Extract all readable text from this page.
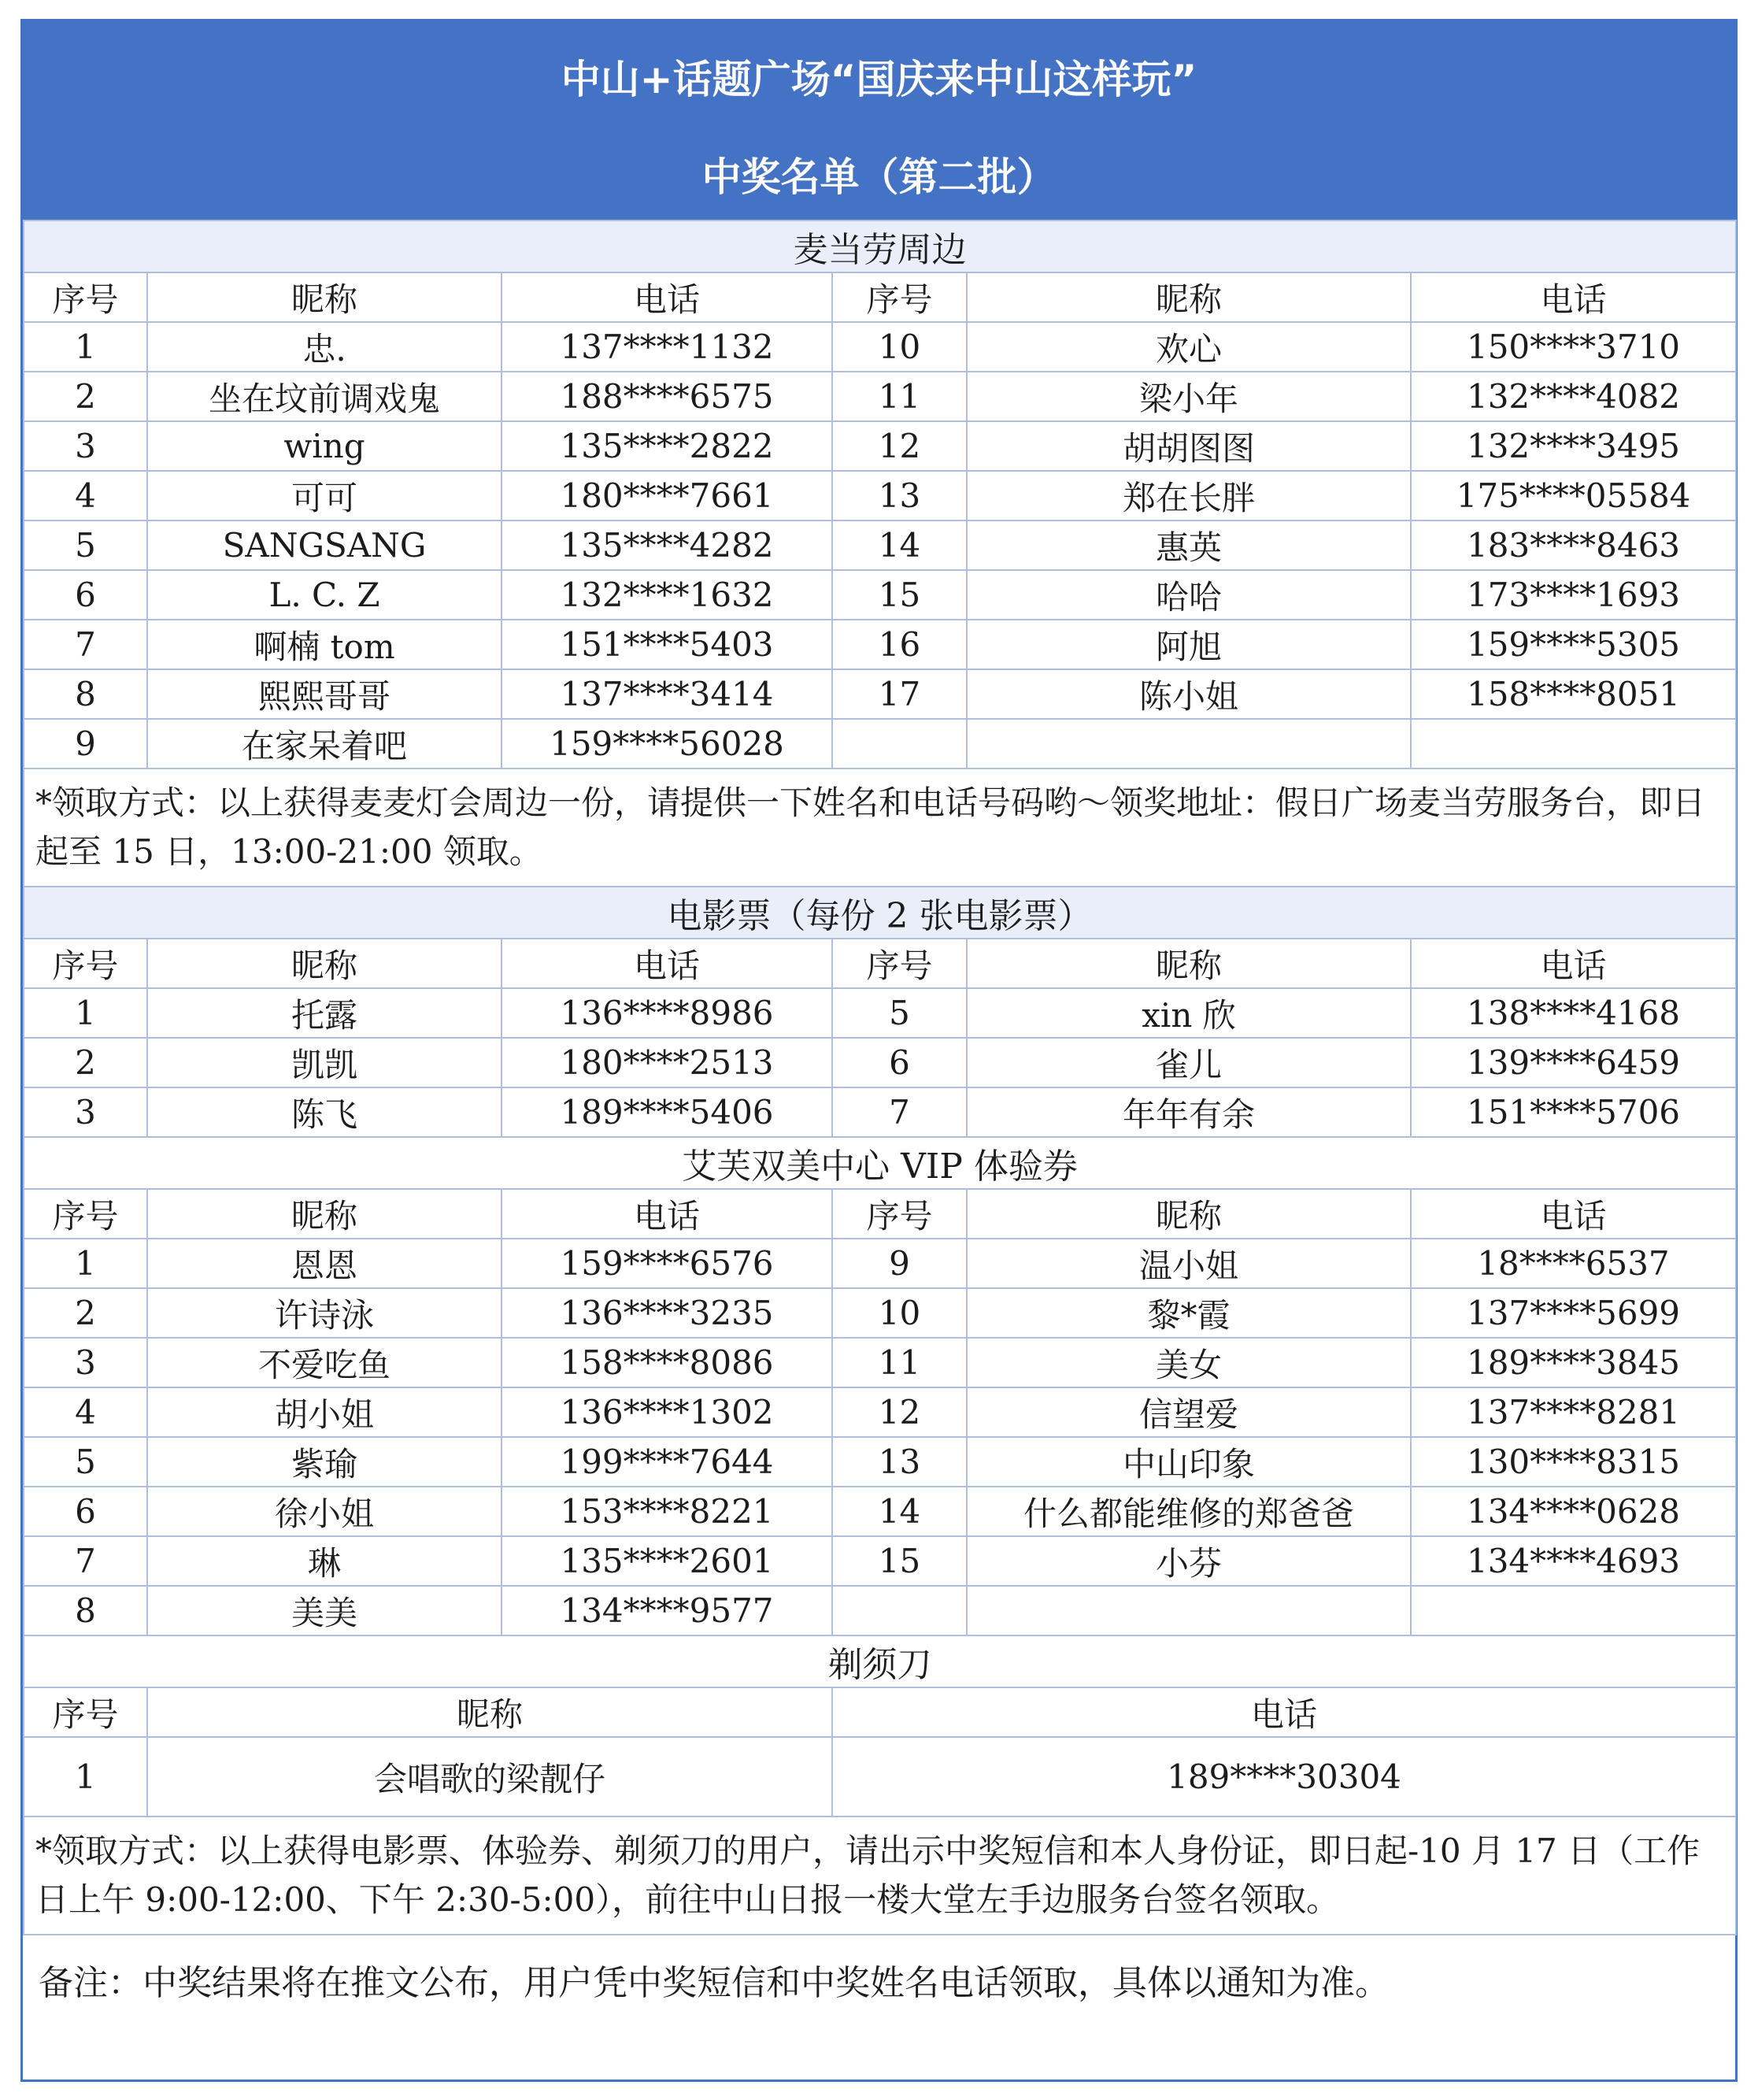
中山+话题广场“国庆来中山这样玩”
中奖名单（第二批）
麦当劳周边					
序号	昵称	电话	序号	昵称	电话
1	忠.	137****1132	10	欢心	150****3710
2	坐在坟前调戏鬼	188****6575	11	梁小年	132****4082
3	wing	135****2822	12	胡胡图图	132****3495
4	可可	180****7661	13	郑在长胖	175****05584
5	SANGSANG	135****4282	14	惠英	183****8463
6	L. C. Z	132****1632	15	哈哈	173****1693
7	啊楠 tom	151****5403	16	阿旭	159****5305
8	熙熙哥哥	137****3414	17	陈小姐	158****8051
9	在家呆着吧	159****56028			
*领取方式：以上获得麦麦灯会周边一份，请提供一下姓名和电话号码哟～领奖地址：假日广场麦当劳服务台，即日起至 15 日，13:00-21:00 领取。					
电影票（每份 2 张电影票）					
序号	昵称	电话	序号	昵称	电话
1	托露	136****8986	5	xin 欣	138****4168
2	凯凯	180****2513	6	雀儿	139****6459
3	陈飞	189****5406	7	年年有余	151****5706
艾芙双美中心 VIP 体验券					
序号	昵称	电话	序号	昵称	电话
1	恩恩	159****6576	9	温小姐	18****6537
2	许诗泳	136****3235	10	黎*霞	137****5699
3	不爱吃鱼	158****8086	11	美女	189****3845
4	胡小姐	136****1302	12	信望爱	137****8281
5	紫瑜	199****7644	13	中山印象	130****8315
6	徐小姐	153****8221	14	什么都能维修的郑爸爸	134****0628
7	琳	135****2601	15	小芬	134****4693
8	美美	134****9577			
剃须刀					
序号	昵称		电话		
1	会唱歌的梁靓仔		189****30304		
*领取方式：以上获得电影票、体验券、剃须刀的用户，请出示中奖短信和本人身份证，即日起-10 月 17 日（工作日上午 9:00-12:00、下午 2:30-5:00），前往中山日报一楼大堂左手边服务台签名领取。					
备注：中奖结果将在推文公布，用户凭中奖短信和中奖姓名电话领取，具体以通知为准。
